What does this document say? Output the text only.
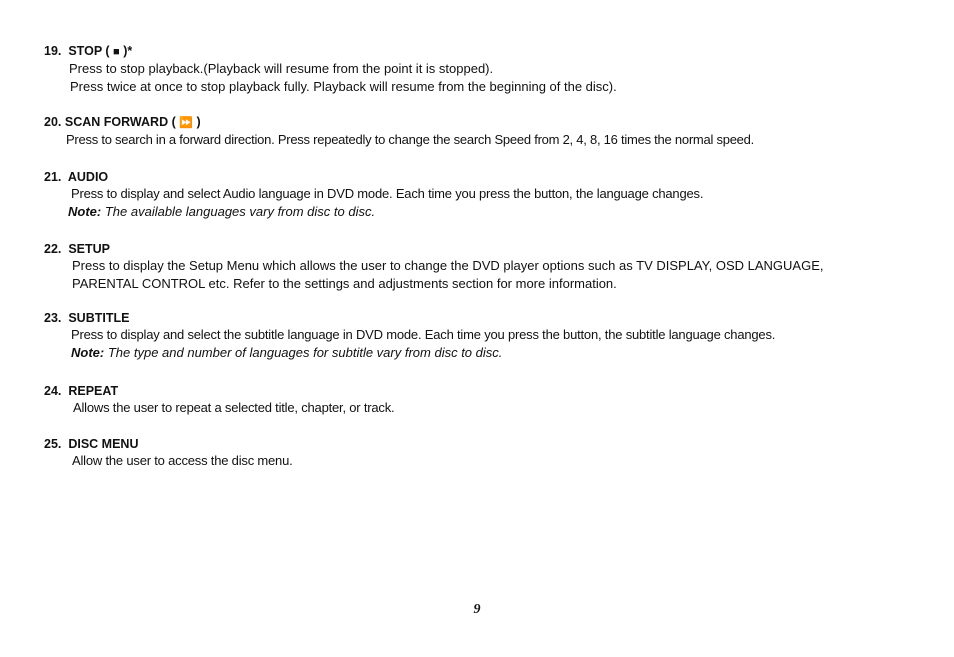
19. STOP ( ■ )*
Press to stop playback.(Playback will resume from the point it is stopped).
Press twice at once to stop playback fully. Playback will resume from the beginning of the disc).
20. SCAN FORWARD ( ⏩ )
Press to search in a forward direction. Press repeatedly to change the search Speed from 2, 4, 8, 16 times the normal speed.
21. AUDIO
Press to display and select Audio language in DVD mode. Each time you press the button, the language changes.
Note: The available languages vary from disc to disc.
22. SETUP
Press to display the Setup Menu which allows the user to change the DVD player options such as TV DISPLAY, OSD LANGUAGE,
PARENTAL CONTROL etc. Refer to the settings and adjustments section for more information.
23. SUBTITLE
Press to display and select the subtitle language in DVD mode. Each time you press the button, the subtitle language changes.
Note: The type and number of languages for subtitle vary from disc to disc.
24. REPEAT
Allows the user to repeat a selected title, chapter, or track.
25. DISC MENU
Allow the user to access the disc menu.
9
